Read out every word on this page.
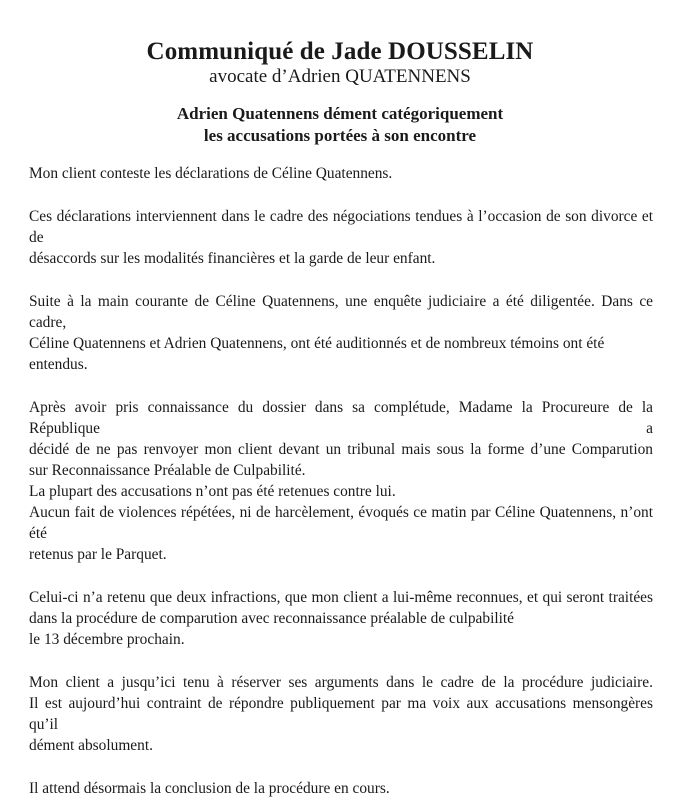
Communiqué de Jade DOUSSELIN
avocate d’Adrien QUATENNENS
Adrien Quatennens dément catégoriquement
les accusations portées à son encontre

Mon client conteste les déclarations de Céline Quatennens.

Ces déclarations interviennent dans le cadre des négociations tendues à l’occasion de son divorce et de
désaccords sur les modalités financières et la garde de leur enfant.

Suite à la main courante de Céline Quatennens, une enquête judiciaire a été diligentée. Dans ce cadre,
Céline Quatennens et Adrien Quatennens, ont été auditionnés et de nombreux témoins ont été entendus.

Après avoir pris connaissance du dossier dans sa complétude, Madame la Procureure de la République a
décidé de ne pas renvoyer mon client devant un tribunal mais sous la forme d’une Comparution
sur Reconnaissance Préalable de Culpabilité.
La plupart des accusations n’ont pas été retenues contre lui.
Aucun fait de violences répétées, ni de harcèlement, évoqués ce matin par Céline Quatennens, n’ont été
retenus par le Parquet.

Celui-ci n’a retenu que deux infractions, que mon client a lui-même reconnues, et qui seront traitées
dans la procédure de comparution avec reconnaissance préalable de culpabilité
le 13 décembre prochain.

Mon client a jusqu’ici tenu à réserver ses arguments dans le cadre de la procédure judiciaire.
Il est aujourd’hui contraint de répondre publiquement par ma voix aux accusations mensongères qu’il
dément absolument.

Il attend désormais la conclusion de la procédure en cours.
